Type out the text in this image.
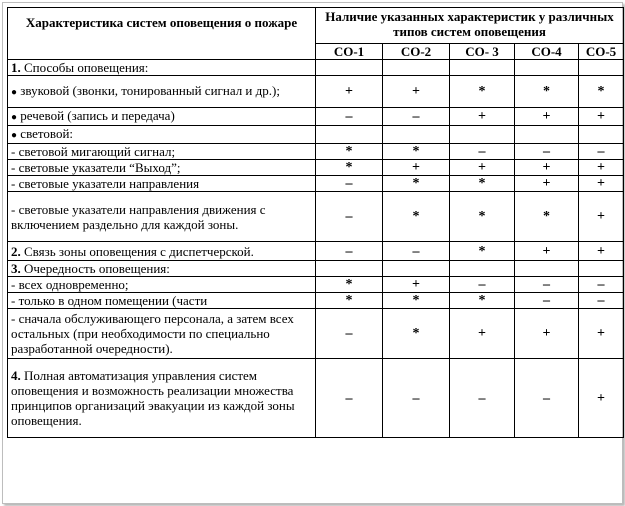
Характеристика систем оповещения о пожаре	Наличие указанных характеристик у различных типов систем оповещения				
	СО-1	СО-2	СО- 3	СО-4	СО-5
1. Способы оповещения:					
● звуковой (звонки, тонированный сигнал и др.);	+	+	*	*	*
● речевой (запись и передача)	–	–	+	+	+
● световой:					
- световой мигающий сигнал;	*	*	–	–	–
- световые указатели “Выход”;	*	+	+	+	+
- световые указатели направления	–	*	*	+	+
- световые указатели направления движения с включением раздельно для каждой зоны.	–	*	*	*	+
2. Связь зоны оповещения с диспетчерской.	–	–	*	+	+
3. Очередность оповещения:					
- всех одновременно;	*	+	–	–	–
- только в одном помещении (части	*	*	*	–	–
- сначала обслуживающего персонала, а затем всех остальных (при необходимости по специально разработанной очередности).	–	*	+	+	+
4. Полная автоматизация управления систем оповещения и возможность реализации множества принципов организаций эвакуации из каждой зоны оповещения.	–	–	–	–	+
